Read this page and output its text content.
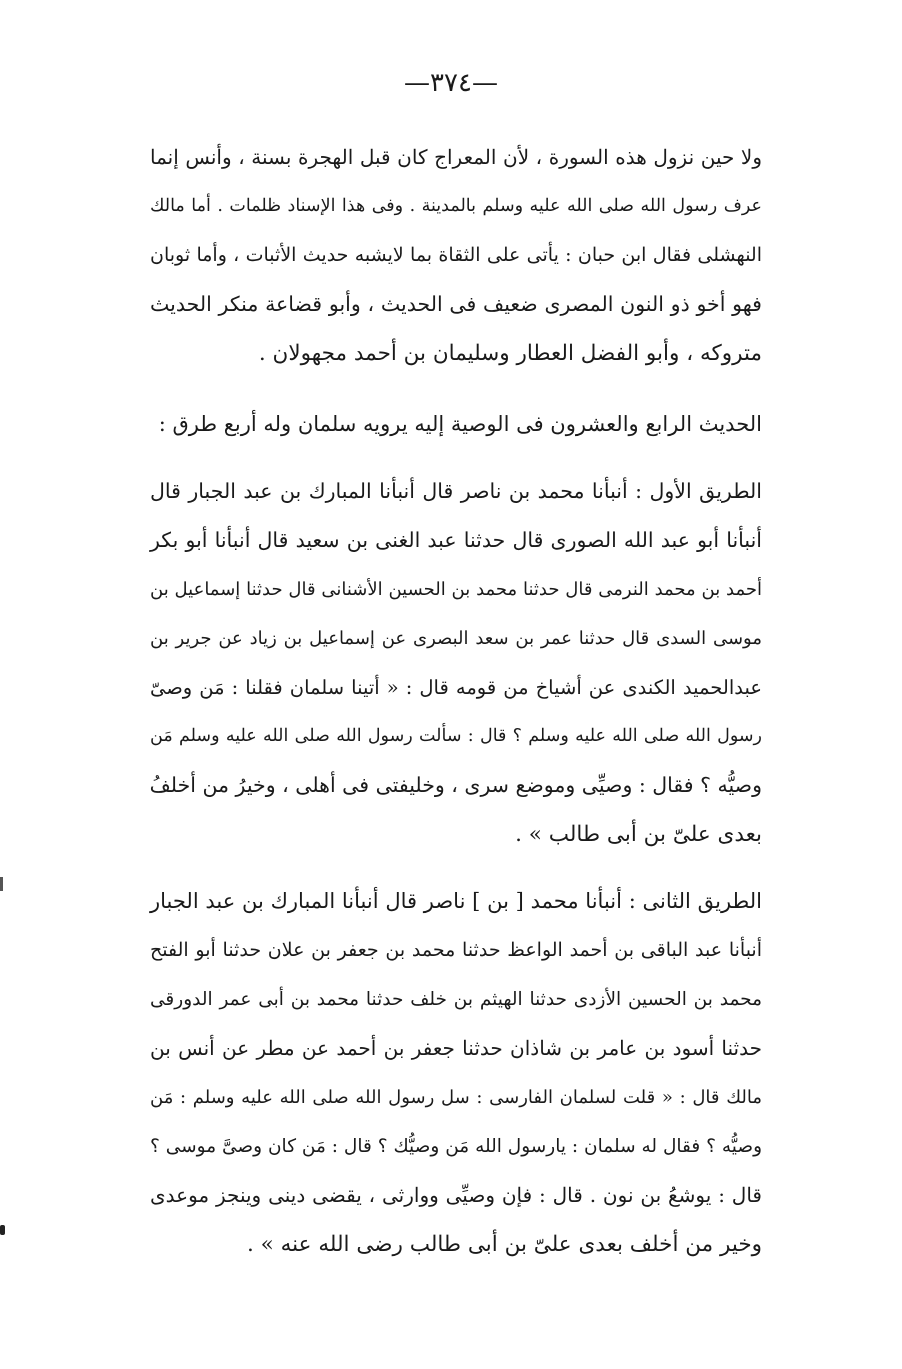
—٣٧٤—
ولا حين نزول هذه السورة ، لأن المعراج كان قبل الهجرة بسنة ، وأنس إنما
عرف رسول الله صلى الله عليه وسلم بالمدينة . وفى هذا الإسناد ظلمات . أما مالك
النهشلى فقال ابن حبان : يأتى على الثقاة بما لايشبه حديث الأثبات ، وأما ثوبان
فهو أخو ذو النون المصرى ضعيف فى الحديث ، وأبو قضاعة منكر الحديث
متروكه ، وأبو الفضل العطار وسليمان بن أحمد مجهولان .
الحديث الرابع والعشرون فى الوصية إليه يرويه سلمان وله أربع طرق :
الطريق الأول : أنبأنا محمد بن ناصر قال أنبأنا المبارك بن عبد الجبار قال
أنبأنا أبو عبد الله الصورى قال حدثنا عبد الغنى بن سعيد قال أنبأنا أبو بكر
أحمد بن محمد النرمى قال حدثنا محمد بن الحسين الأشنانى قال حدثنا إسماعيل بن
موسى السدى قال حدثنا عمر بن سعد البصرى عن إسماعيل بن زياد عن جرير بن
عبدالحميد الكندى عن أشياخ من قومه قال : « أتينا سلمان فقلنا : مَن وصىّ
رسول الله صلى الله عليه وسلم ؟ قال : سألت رسول الله صلى الله عليه وسلم مَن
وصيُّه ؟ فقال : وصيِّى وموضع سرى ، وخليفتى فى أهلى ، وخيرُ من أخلفُ
بعدى علىّ بن أبى طالب » .
الطريق الثانى : أنبأنا محمد [ بن ] ناصر قال أنبأنا المبارك بن عبد الجبار
أنبأنا عبد الباقى بن أحمد الواعظ حدثنا محمد بن جعفر بن علان حدثنا أبو الفتح
محمد بن الحسين الأزدى حدثنا الهيثم بن خلف حدثنا محمد بن أبى عمر الدورقى
حدثنا أسود بن عامر بن شاذان حدثنا جعفر بن أحمد عن مطر عن أنس بن
مالك قال : « قلت لسلمان الفارسى : سل رسول الله صلى الله عليه وسلم : مَن
وصيُّه ؟ فقال له سلمان : يارسول الله مَن وصيُّك ؟ قال : مَن كان وصىَّ موسى ؟
قال : يوشعُ بن نون . قال : فإن وصيِّى ووارثى ، يقضى دينى وينجز موعدى
وخير من أخلف بعدى علىّ بن أبى طالب رضى الله عنه » .
